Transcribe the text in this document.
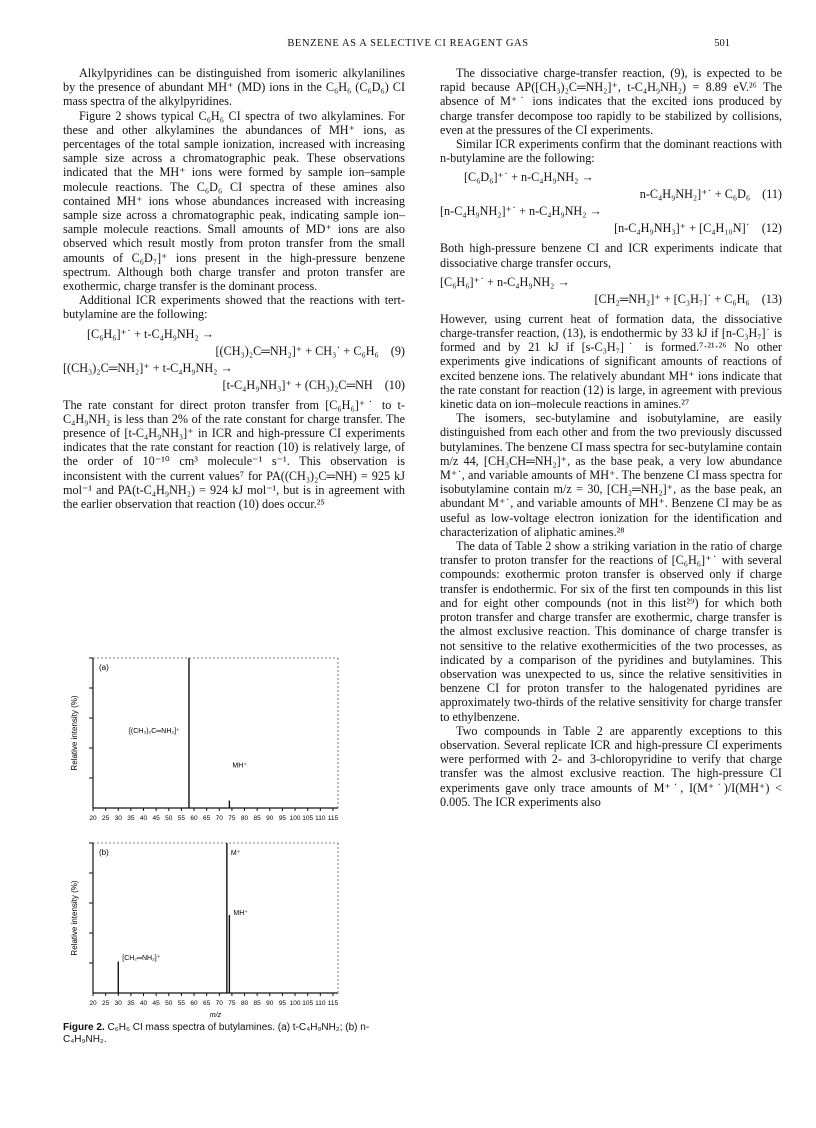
BENZENE AS A SELECTIVE CI REAGENT GAS	501

Alkylpyridines can be distinguished from isomeric alkylanilines by the presence of abundant MH⁺ (MD) ions in the C₆H₆ (C₆D₆) CI mass spectra of the alkylpyridines.

Figure 2 shows typical C₆H₆ CI spectra of two alkylamines. For these and other alkylamines the abundances of MH⁺ ions, as percentages of the total sample ionization, increased with increasing sample size across a chromatographic peak. These observations indicated that the MH⁺ ions were formed by sample ion–sample molecule reactions. The C₆D₆ CI spectra of these amines also contained MH⁺ ions whose abundances increased with increasing sample size across a chromatographic peak, indicating sample ion–sample molecule reactions. Small amounts of MD⁺ ions are also observed which result mostly from proton transfer from the small amounts of C₆D₇]⁺ ions present in the high-pressure benzene spectrum. Although both charge transfer and proton transfer are exothermic, charge transfer is the dominant process.

Additional ICR experiments showed that the reactions with tert-butylamine are the following:

[C₆H₆]⁺˙ + t-C₄H₉NH₂ →
[(CH₃)₂C═NH₂]⁺ + CH₃˙ + C₆H₆ (9)
[(CH₃)₂C═NH₂]⁺ + t-C₄H₉NH₂ →
[t-C₄H₉NH₃]⁺ + (CH₃)₂C═NH (10)

The rate constant for direct proton transfer from [C₆H₆]⁺˙ to t-C₄H₉NH₂ is less than 2% of the rate constant for charge transfer. The presence of [t-C₄H₉NH₃]⁺ in ICR and high-pressure CI experiments indicates that the rate constant for reaction (10) is relatively large, of the order of 10⁻¹⁰ cm³ molecule⁻¹ s⁻¹. This observation is inconsistent with the current values⁷ for PA((CH₃)₂C═NH) = 925 kJ mol⁻¹ and PA(t-C₄H₉NH₂) = 924 kJ mol⁻¹, but is in agreement with the earlier observation that reaction (10) does occur.²⁵

Relative intensity (%)
(a)
20 25 30 35 40 45 50 55 60 65 70 75 80 85 90 95 100 105 110 115
[(CH₃)₂C═NH₂]⁺
MH⁺
Relative intensity (%)
(b)
20 25 30 35 40 45 50 55 60 65 70 75 80 85 90 95 100 105 110 115
[CH₂═NH₂]⁺
M⁺
MH⁺
m/z
Figure 2. C₆H₆ CI mass spectra of butylamines. (a) t-C₄H₉NH₂; (b) n-C₄H₉NH₂.

The dissociative charge-transfer reaction, (9), is expected to be rapid because AP([CH₃)₂C═NH₂]⁺, t-C₄H₉NH₂) = 8.89 eV.²⁶ The absence of M⁺˙ ions indicates that the excited ions produced by charge transfer decompose too rapidly to be stabilized by collisions, even at the pressures of the CI experiments.

Similar ICR experiments confirm that the dominant reactions with n-butylamine are the following:

[C₆D₆]⁺˙ + n-C₄H₉NH₂ →
n-C₄H₉NH₂]⁺˙ + C₆D₆ (11)
[n-C₄H₉NH₂]⁺˙ + n-C₄H₉NH₂ →
[n-C₄H₉NH₃]⁺ + [C₄H₁₀N]˙ (12)

Both high-pressure benzene CI and ICR experiments indicate that dissociative charge transfer occurs,

[C₆H₆]⁺˙ + n-C₄H₉NH₂ →
[CH₂═NH₂]⁺ + [C₃H₇]˙ + C₆H₆ (13)

However, using current heat of formation data, the dissociative charge-transfer reaction, (13), is endothermic by 33 kJ if [n-C₃H₇]˙ is formed and by 21 kJ if [s-C₃H₇]˙ is formed.⁷·²¹·²⁶ No other experiments give indications of significant amounts of reactions of excited benzene ions. The relatively abundant MH⁺ ions indicate that the rate constant for reaction (12) is large, in agreement with previous kinetic data on ion–molecule reactions in amines.²⁷

The isomers, sec-butylamine and isobutylamine, are easily distinguished from each other and from the two previously discussed butylamines. The benzene CI mass spectra for sec-butylamine contain m/z 44, [CH₃CH═NH₂]⁺, as the base peak, a very low abundance M⁺˙, and variable amounts of MH⁺. The benzene CI mass spectra for isobutylamine contain m/z = 30, [CH₂═NH₂]⁺, as the base peak, an abundant M⁺˙, and variable amounts of MH⁺. Benzene CI may be as useful as low-voltage electron ionization for the identification and characterization of aliphatic amines.²⁸

The data of Table 2 show a striking variation in the ratio of charge transfer to proton transfer for the reactions of [C₆H₆]⁺˙ with several compounds: exothermic proton transfer is observed only if charge transfer is endothermic. For six of the first ten compounds in this list and for eight other compounds (not in this list²⁹) for which both proton transfer and charge transfer are exothermic, charge transfer is the almost exclusive reaction. This dominance of charge transfer is not sensitive to the relative exothermicities of the two processes, as indicated by a comparison of the pyridines and butylamines. This observation was unexpected to us, since the relative sensitivities in benzene CI for proton transfer to the halogenated pyridines are approximately two-thirds of the relative sensitivity for charge transfer to ethylbenzene.

Two compounds in Table 2 are apparently exceptions to this observation. Several replicate ICR and high-pressure CI experiments were performed with 2- and 3-chloropyridine to verify that charge transfer was the almost exclusive reaction. The high-pressure CI experiments gave only trace amounts of M⁺˙, I(M⁺˙)/I(MH⁺) < 0.005. The ICR experiments also
